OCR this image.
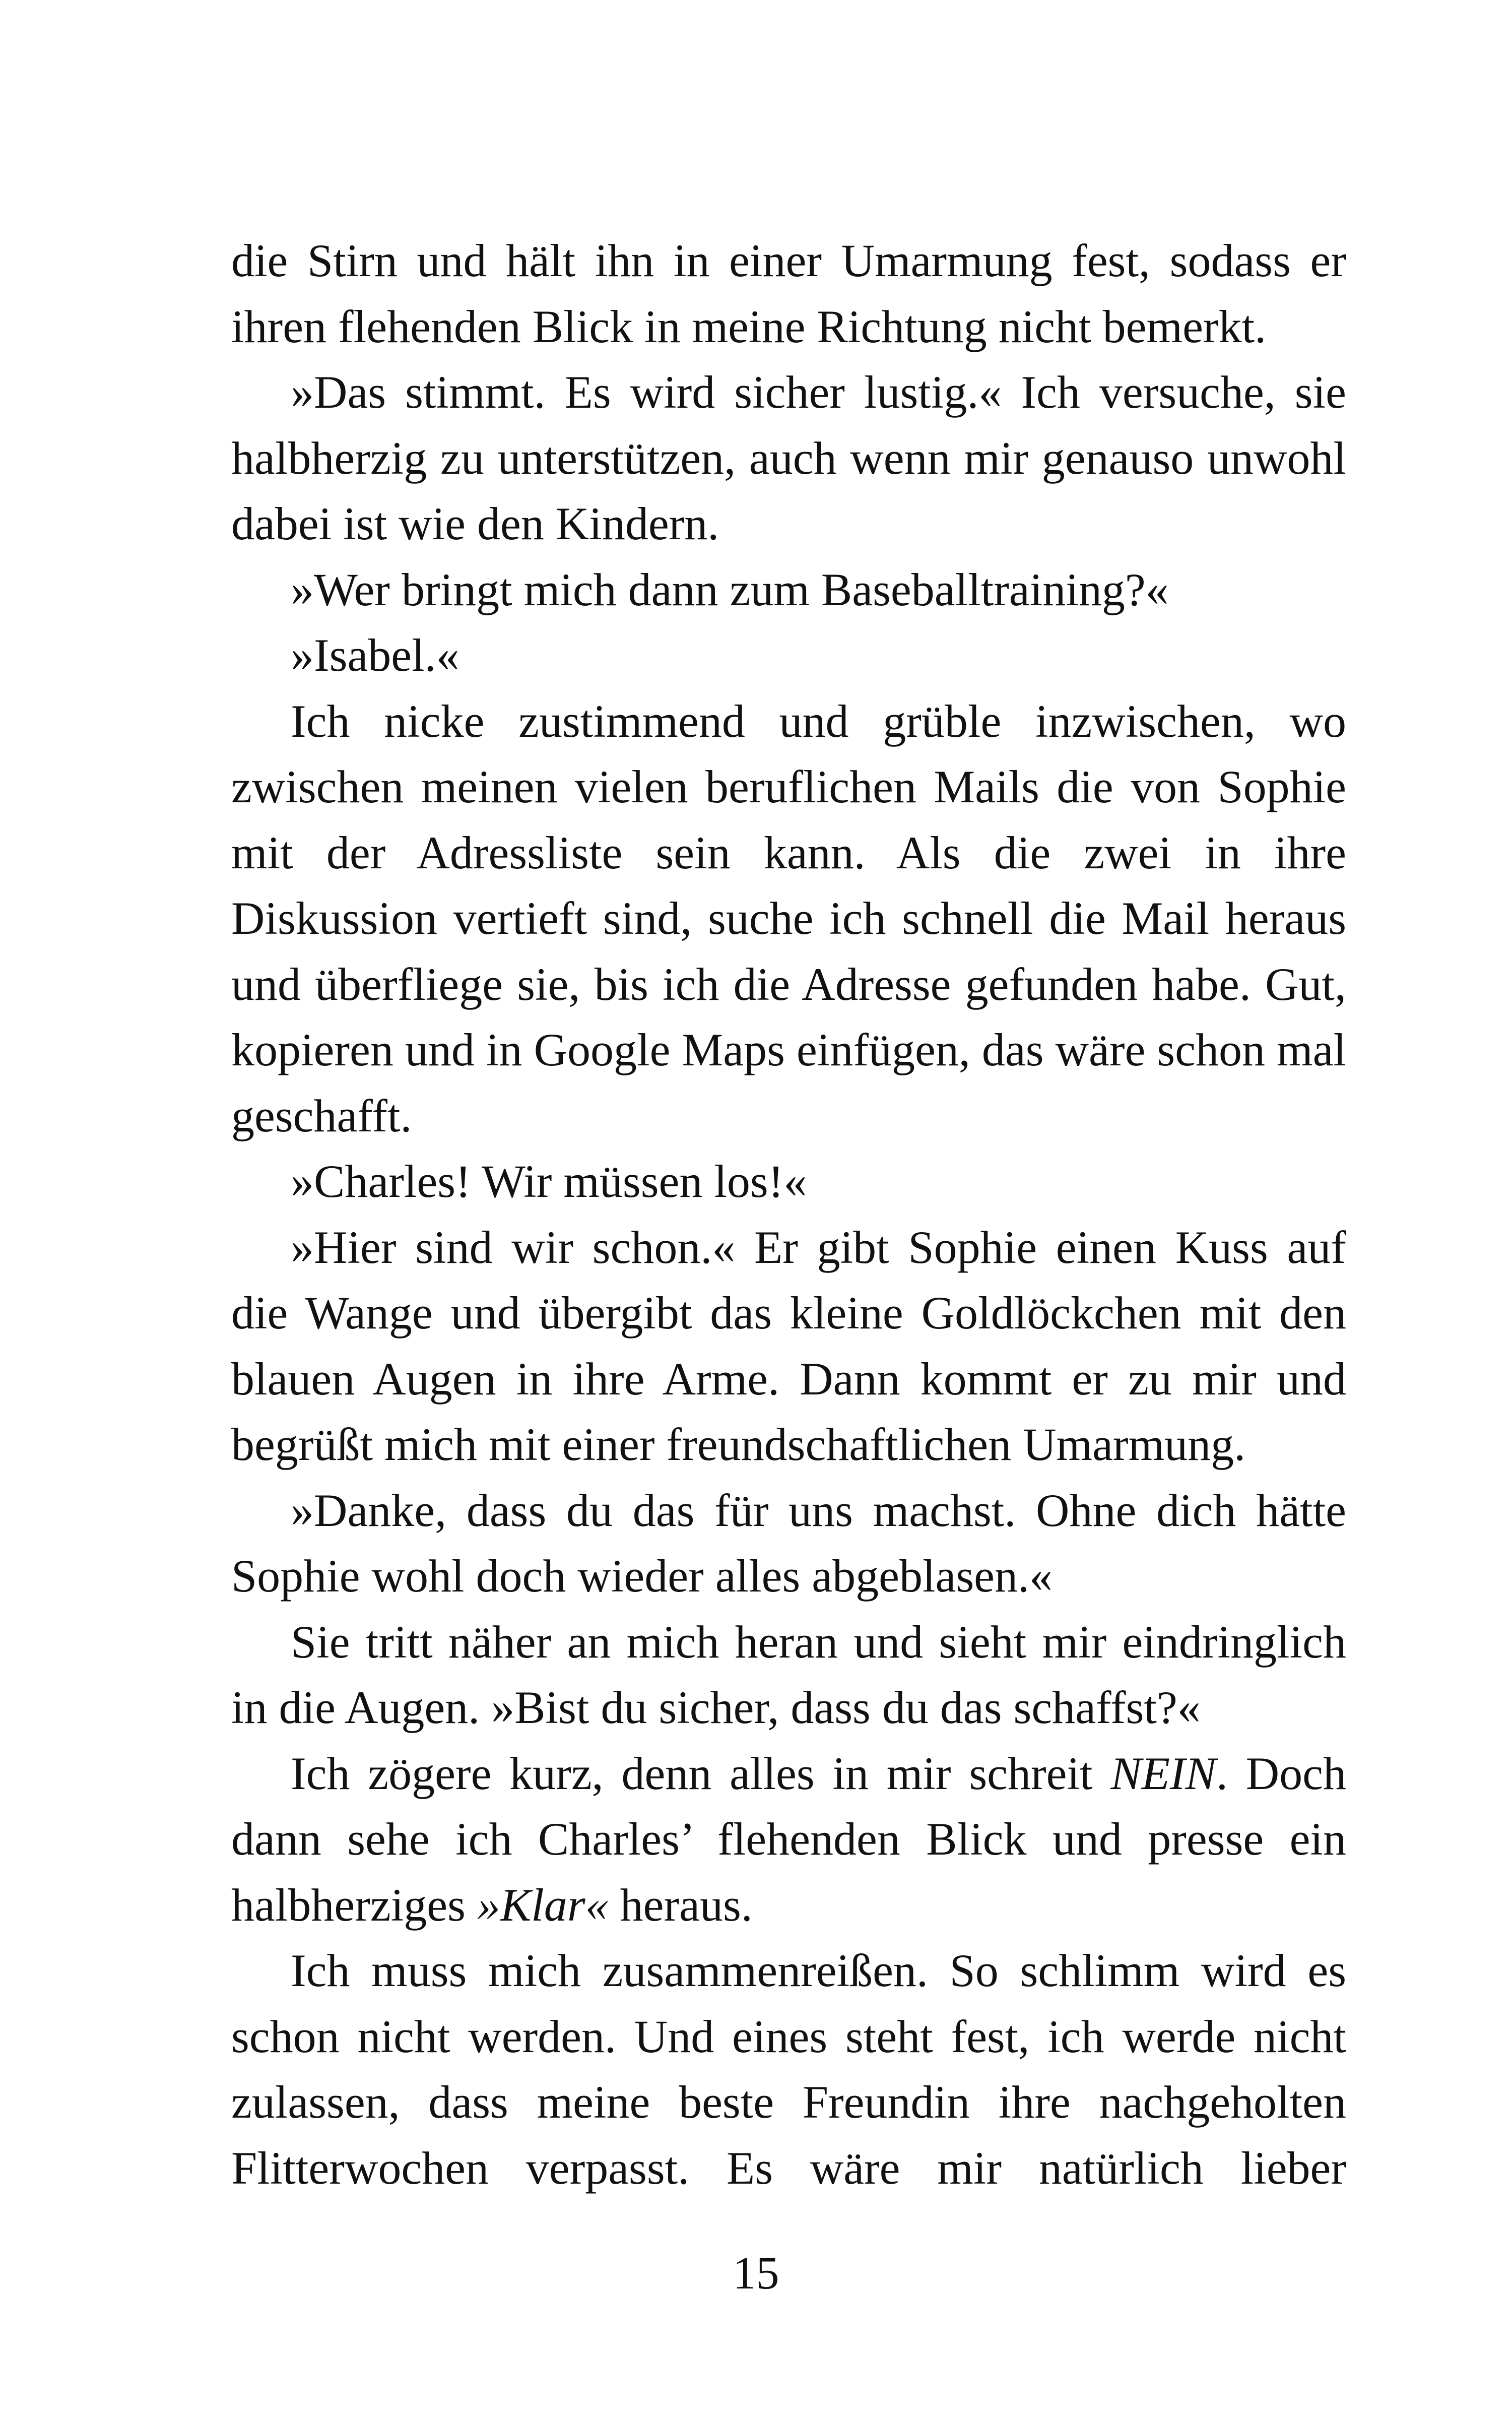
die Stirn und hält ihn in einer Umarmung fest, sodass er ihren flehenden Blick in meine Richtung nicht bemerkt.

»Das stimmt. Es wird sicher lustig.« Ich versuche, sie halbherzig zu unterstützen, auch wenn mir genauso unwohl dabei ist wie den Kindern.

»Wer bringt mich dann zum Baseballtraining?«

»Isabel.«

Ich nicke zustimmend und grüble inzwischen, wo zwischen meinen vielen beruflichen Mails die von Sophie mit der Adressliste sein kann. Als die zwei in ihre Diskussion vertieft sind, suche ich schnell die Mail heraus und überfliege sie, bis ich die Adresse gefunden habe. Gut, kopieren und in Google Maps einfügen, das wäre schon mal geschafft.

»Charles! Wir müssen los!«

»Hier sind wir schon.« Er gibt Sophie einen Kuss auf die Wange und übergibt das kleine Goldlöckchen mit den blauen Augen in ihre Arme. Dann kommt er zu mir und begrüßt mich mit einer freundschaftlichen Umarmung.

»Danke, dass du das für uns machst. Ohne dich hätte Sophie wohl doch wieder alles abgeblasen.«

Sie tritt näher an mich heran und sieht mir eindringlich in die Augen. »Bist du sicher, dass du das schaffst?«

Ich zögere kurz, denn alles in mir schreit NEIN. Doch dann sehe ich Charles’ flehenden Blick und presse ein halbherziges »Klar« heraus.

Ich muss mich zusammenreißen. So schlimm wird es schon nicht werden. Und eines steht fest, ich werde nicht zulassen, dass meine beste Freundin ihre nachgeholten Flitterwochen verpasst. Es wäre mir natürlich lieber

15
